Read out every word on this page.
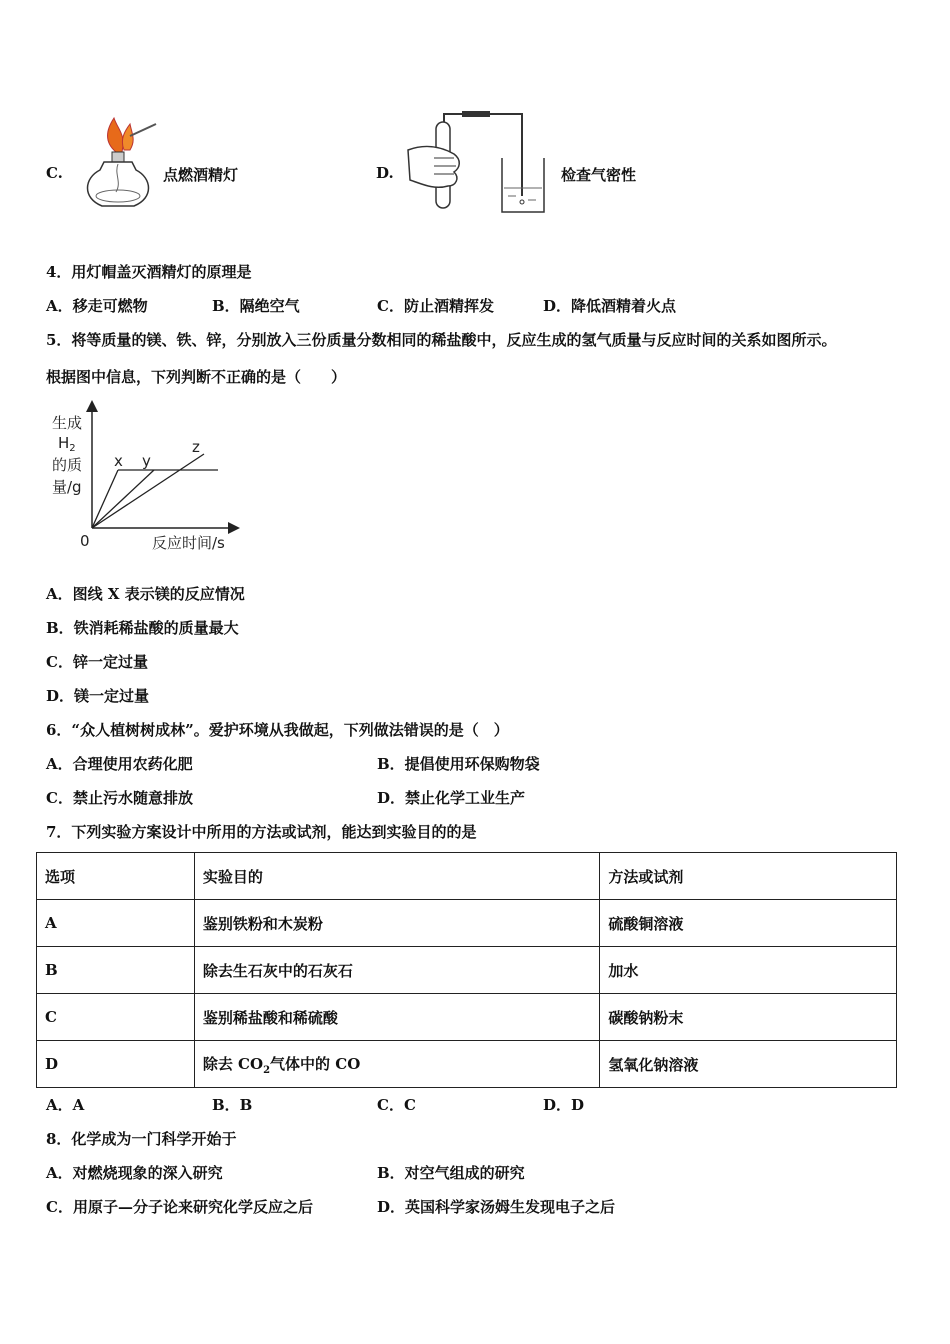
C.	点燃酒精灯	D.	检查气密性
4．用灯帽盖灭酒精灯的原理是
A．移走可燃物	B．隔绝空气	C．防止酒精挥发	D．降低酒精着火点
5．将等质量的镁、铁、锌，分别放入三份质量分数相同的稀盐酸中，反应生成的氢气质量与反应时间的关系如图所示。
根据图中信息，下列判断不正确的是（　　）
生成
$H_2$
的质
量/g
0	反应时间/s
x y
z
A．图线 X 表示镁的反应情况
B．铁消耗稀盐酸的质量最大
C．锌一定过量
D．镁一定过量
6．“众人植树树成林”。爱护环境从我做起，下列做法错误的是（　）
A．合理使用农药化肥	B．提倡使用环保购物袋
C．禁止污水随意排放	D．禁止化学工业生产
7．下列实验方案设计中所用的方法或试剂，能达到实验目的的是
选项	实验目的	方法或试剂
A	鉴别铁粉和木炭粉	硫酸铜溶液
B	除去生石灰中的石灰石	加水
C	鉴别稀盐酸和稀硫酸	碳酸钠粉末
D	除去 $CO_2$气体中的 CO	氢氧化钠溶液
A．A	B．B	C．C	D．D
8．化学成为一门科学开始于
A．对燃烧现象的深入研究	B．对空气组成的研究
C．用原子—分子论来研究化学反应之后	D．英国科学家汤姆生发现电子之后
